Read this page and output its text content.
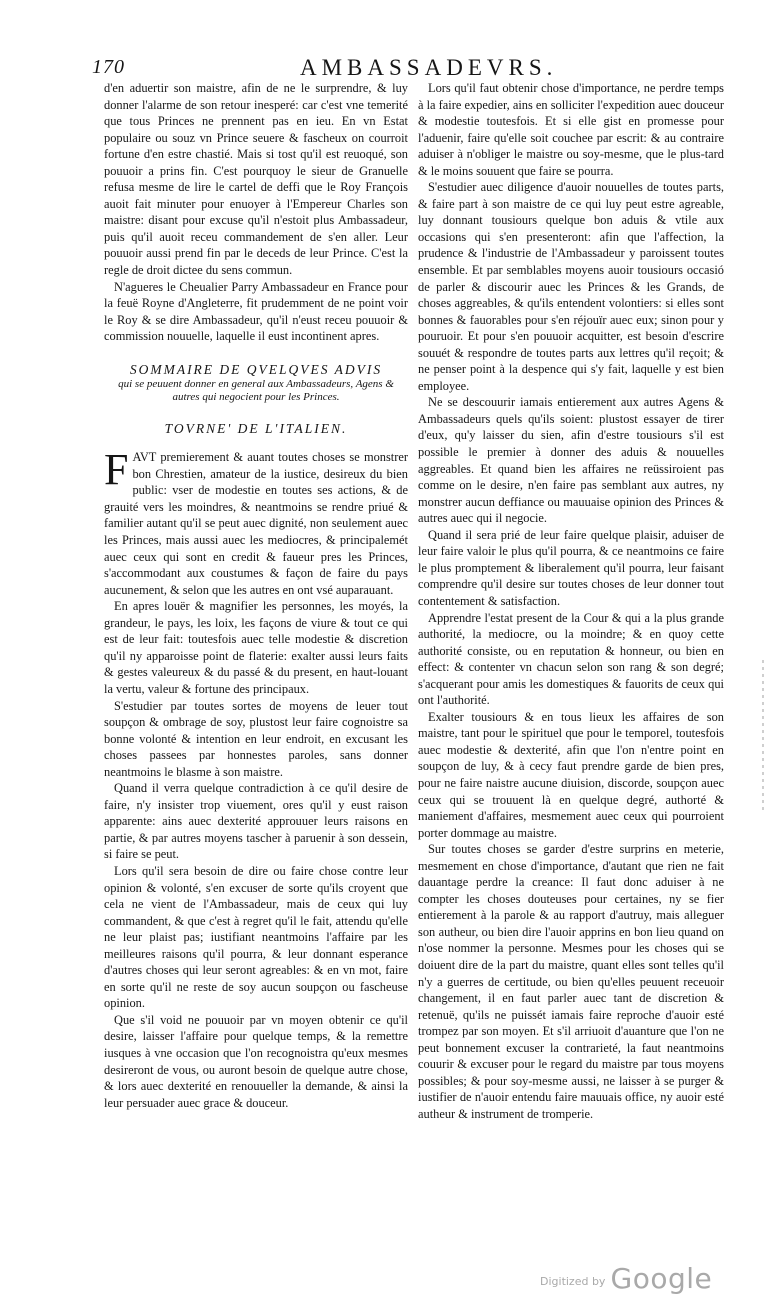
170	AMBASSADEVRS.

d'en aduertir son maistre, afin de ne le surprendre, & luy donner l'alarme de son retour inesperé: car c'est vne temerité que tous Princes ne prennent pas en ieu. En vn Estat populaire ou souz vn Prince seuere & fascheux on courroit fortune d'en estre chastié. Mais si tost qu'il est reuoqué, son pouuoir a prins fin. C'est pourquoy le sieur de Granuelle refusa mesme de lire le cartel de deffi que le Roy François auoit fait minuter pour enuoyer à l'Empereur Charles son maistre: disant pour excuse qu'il n'estoit plus Ambassadeur, puis qu'il auoit receu commandement de s'en aller. Leur pouuoir aussi prend fin par le deceds de leur Prince. C'est la regle de droit dictee du sens commun.

N'agueres le Cheualier Parry Ambassadeur en France pour la feuë Royne d'Angleterre, fit prudemment de ne point voir le Roy & se dire Ambassadeur, qu'il n'eust receu pouuoir & commission nouuelle, laquelle il eust incontinent apres.

SOMMAIRE DE QVELQVES ADVIS
qui se peuuent donner en general aux Ambassadeurs, Agens & autres qui negocient pour les Princes.
TOVRNE' DE L'ITALIEN.

FAVT premierement & auant toutes choses se monstrer bon Chrestien, amateur de la iustice, desireux du bien public: vser de modestie en toutes ses actions, & de grauité vers les moindres, & neantmoins se rendre priué & familier autant qu'il se peut auec dignité, non seulement auec les Princes, mais aussi auec les mediocres, & principalemét auec ceux qui sont en credit & faueur pres les Princes, s'accommodant aux coustumes & façon de faire du pays aucunement, & selon que les autres en ont vsé auparauant.

En apres louër & magnifier les personnes, les moyés, la grandeur, le pays, les loix, les façons de viure & tout ce qui est de leur fait: toutesfois auec telle modestie & discretion qu'il ny apparoisse point de flaterie: exalter aussi leurs faits & gestes valeureux & du passé & du present, en haut-louant la vertu, valeur & fortune des principaux.

S'estudier par toutes sortes de moyens de leuer tout soupçon & ombrage de soy, plustost leur faire cognoistre sa bonne volonté & intention en leur endroit, en excusant les choses passees par honnestes paroles, sans donner neantmoins le blasme à son maistre.

Quand il verra quelque contradiction à ce qu'il desire de faire, n'y insister trop viuement, ores qu'il y eust raison apparente: ains auec dexterité approuuer leurs raisons en partie, & par autres moyens tascher à paruenir à son dessein, si faire se peut.

Lors qu'il sera besoin de dire ou faire chose contre leur opinion & volonté, s'en excuser de sorte qu'ils croyent que cela ne vient de l'Ambassadeur, mais de ceux qui luy commandent, & que c'est à regret qu'il le fait, attendu qu'elle ne leur plaist pas; iustifiant neantmoins l'affaire par les meilleures raisons qu'il pourra, & leur donnant esperance d'autres choses qui leur seront agreables: & en vn mot, faire en sorte qu'il ne reste de soy aucun soupçon ou fascheuse opinion.

Que s'il void ne pouuoir par vn moyen obtenir ce qu'il desire, laisser l'affaire pour quelque temps, & la remettre iusques à vne occasion que l'on recognoistra qu'eux mesmes desireront de vous, ou auront besoin de quelque autre chose, & lors auec dexterité en renouueller la demande, & ainsi la leur persuader auec grace & douceur.

Lors qu'il faut obtenir chose d'importance, ne perdre temps à la faire expedier, ains en solliciter l'expedition auec douceur & modestie toutesfois. Et si elle gist en promesse pour l'aduenir, faire qu'elle soit couchee par escrit: & au contraire aduiser à n'obliger le maistre ou soy-mesme, que le plus-tard & le moins souuent que faire se pourra.

S'estudier auec diligence d'auoir nouuelles de toutes parts, & faire part à son maistre de ce qui luy peut estre agreable, luy donnant tousiours quelque bon aduis & vtile aux occasions qui s'en presenteront: afin que l'affection, la prudence & l'industrie de l'Ambassadeur y paroissent toutes ensemble. Et par semblables moyens auoir tousiours occasió de parler & discourir auec les Princes & les Grands, de choses aggreables, & qu'ils entendent volontiers: si elles sont bonnes & fauorables pour s'en réjouïr auec eux; sinon pour y pouruoir. Et pour s'en pouuoir acquitter, est besoin d'escrire souuét & respondre de toutes parts aux lettres qu'il reçoit; & ne penser point à la despence qui s'y fait, laquelle y est bien employee.

Ne se descouurir iamais entierement aux autres Agens & Ambassadeurs quels qu'ils soient: plustost essayer de tirer d'eux, qu'y laisser du sien, afin d'estre tousiours s'il est possible le premier à donner des aduis & nouuelles aggreables. Et quand bien les affaires ne reüssiroient pas comme on le desire, n'en faire pas semblant aux autres, ny monstrer aucun deffiance ou mauuaise opinion des Princes & autres auec qui il negocie.

Quand il sera prié de leur faire quelque plaisir, aduiser de leur faire valoir le plus qu'il pourra, & ce neantmoins ce faire le plus promptement & liberalement qu'il pourra, leur faisant comprendre qu'il desire sur toutes choses de leur donner tout contentement & satisfaction.

Apprendre l'estat present de la Cour & qui a la plus grande authorité, la mediocre, ou la moindre; & en quoy cette authorité consiste, ou en reputation & honneur, ou bien en effect: & contenter vn chacun selon son rang & son degré; s'acquerant pour amis les domestiques & fauorits de ceux qui ont l'authorité.

Exalter tousiours & en tous lieux les affaires de son maistre, tant pour le spirituel que pour le temporel, toutesfois auec modestie & dexterité, afin que l'on n'entre point en soupçon de luy, & à cecy faut prendre garde de bien pres, pour ne faire naistre aucune diuision, discorde, soupçon auec ceux qui se trouuent là en quelque degré, authorté & maniement d'affaires, mesmement auec ceux qui pourroient porter dommage au maistre.

Sur toutes choses se garder d'estre surprins en meterie, mesmement en chose d'importance, d'autant que rien ne fait dauantage perdre la creance: Il faut donc aduiser à ne compter les choses douteuses pour certaines, ny se fier entierement à la parole & au rapport d'autruy, mais alleguer son autheur, ou bien dire l'auoir apprins en bon lieu quand on n'ose nommer la personne. Mesmes pour les choses qui se doiuent dire de la part du maistre, quant elles sont telles qu'il n'y a guerres de certitude, ou bien qu'elles peuuent receuoir changement, il en faut parler auec tant de discretion & retenuë, qu'ils ne puissét iamais faire reproche d'auoir esté trompez par son moyen. Et s'il arriuoit d'auanture que l'on ne peut bonnement excuser la contrarieté, la faut neantmoins couurir & excuser pour le regard du maistre par tous moyens possibles; & pour soy-mesme aussi, ne laisser à se purger & iustifier de n'auoir entendu faire mauuais office, ny auoir esté autheur & instrument de tromperie.

Digitized by Google
